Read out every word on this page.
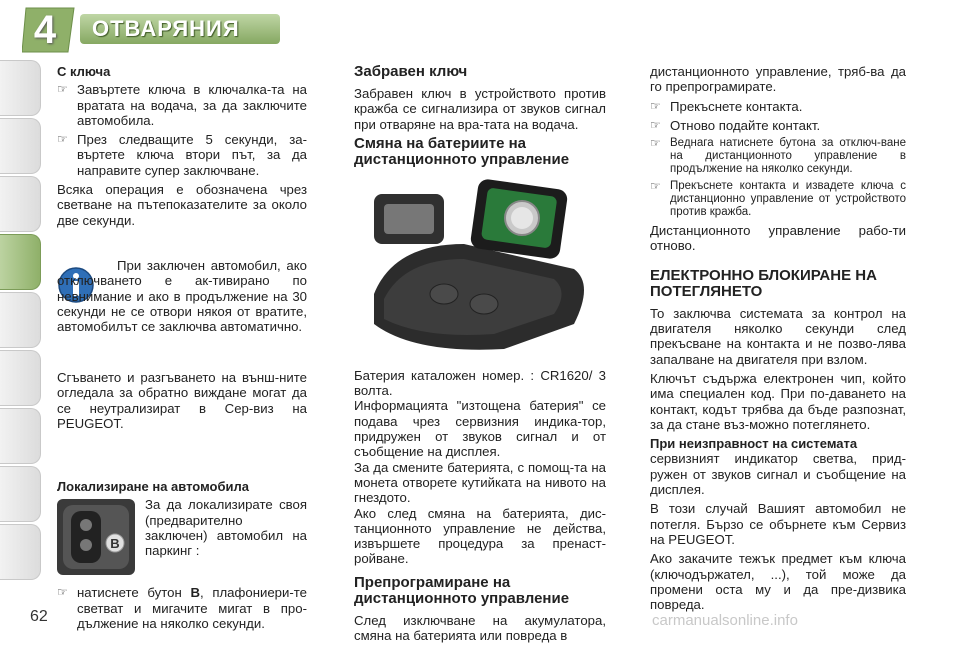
4	ОТВАРЯНИЯ
С ключа
☞ Завъртете ключа в ключалка-та на вратата на водача, за да заключите автомобила.
☞ През следващите 5 секунди, за-въртете ключа втори път, за да направите супер заключване.

Всяка операция е обозначена чрез светване на пътепоказателите за около две секунди.

При заключен автомобил, ако отключването е ак-тивирано по невнимание и ако в продължение на 30 секунди не се отвори някоя от вратите, автомобилът се заключва автоматично.

Сгъването и разгъването на външ-ните огледала за обратно виждане могат да се неутрализират в Сер-виз на PEUGEOT.

Локализиране на автомобила
B

За да локализирате своя (предварително заключен) автомобил на паркинг :

☞ натиснете бутон B, плафониери-те светват и мигачите мигат в про-дължение на няколко секунди.
Забравен ключ

Забравен ключ в устройството против кражба се сигнализира от звуков сигнал при отваряне на вра-тата на водача.

Смяна на батериите на дистанционното управление

Батерия каталожен номер. : CR1620/ 3 волта.

Информацията "изтощена батерия" се подава чрез сервизния индика-тор, придружен от звуков сигнал и от съобщение на дисплея.

За да смените батерията, с помощ-та на монета отворете кутийката на нивото на гнездото.

Ако след смяна на батерията, дис-танционното управление не действа, извършете процедура за пренаст-ройване.

Препрограмиране на дистанционното управление

След изключване на акумулатора, смяна на батерията или повреда в

дистанционното управление, тряб-ва да го препрограмирате.

☞ Прекъснете контакта.
☞ Отново подайте контакт.
☞ Веднага натиснете бутона за отключ-ване на дистанционното управление в продължение на няколко секунди.
☞ Прекъснете контакта и извадете ключа с дистанционно управление от устройството против кражба.

Дистанционното управление рабо-ти отново.

ЕЛЕКТРОННО БЛОКИРАНЕ НА ПОТЕГЛЯНЕТО

То заключва системата за контрол на двигателя няколко секунди след прекъсване на контакта и не позво-лява запалване на двигателя при взлом.

Ключът съдържа електронен чип, който има специален код. При по-даването на контакт, кодът трябва да бъде разпознат, за да стане въз-можно потеглянето.

При неизправност на системата

сервизният индикатор светва, прид-ружен от звуков сигнал и съобщение на дисплея.

В този случай Вашият автомобил не потегля. Бързо се обърнете към Сервиз на PEUGEOT.

Ако закачите тежък предмет към ключа (ключодържател, ...), той може да промени оста му и да пре-дизвика повреда.

62	carmanualsonline.info
